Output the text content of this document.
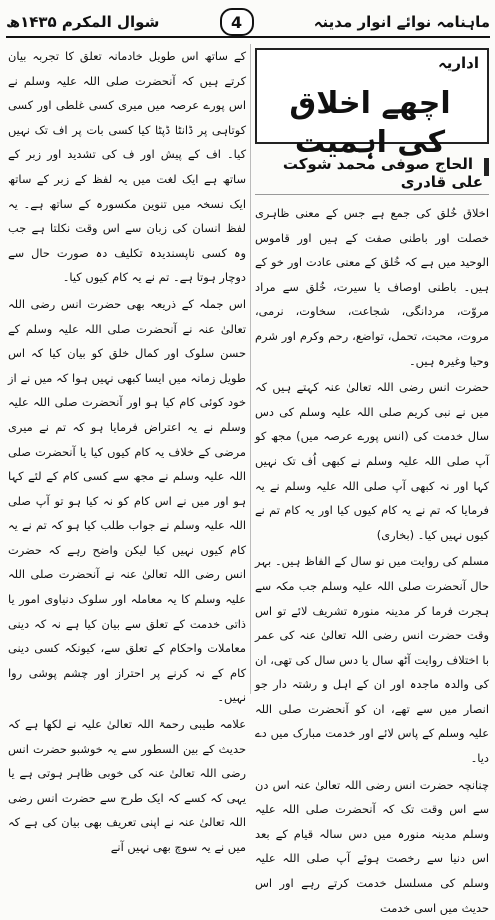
ماہنامہ نوائے انوار مدینہ
4
شوال المکرم ۱۴۳۵ھ
اداریہ
اچھے اخلاق کی اہمیت
الحاج صوفی محمد شوکت علی قادری

اخلاق خُلق کی جمع ہے جس کے معنی ظاہری خصلت اور باطنی صفت کے ہیں اور قاموس الوحید میں ہے کہ خُلق کے معنی عادت اور خو کے ہیں۔ باطنی اوصاف یا سیرت، خُلق سے مراد مروّت، مردانگی، شجاعت، سخاوت، نرمی، مروت، محبت، تحمل، تواضع، رحم وکرم اور شرم وحیا وغیرہ ہیں۔

حضرت انس رضی اللہ تعالیٰ عنہ کہتے ہیں کہ میں نے نبی کریم صلی اللہ علیہ وسلم کی دس سال خدمت کی (انس پورے عرصہ میں) مجھ کو آپ صلی اللہ علیہ وسلم نے کبھی اُف تک نہیں کہا اور نہ کبھی آپ صلی اللہ علیہ وسلم نے یہ فرمایا کہ تم نے یہ کام کیوں کیا اور یہ کام تم نے کیوں نہیں کیا۔ (بخاری)

مسلم کی روایت میں نو سال کے الفاظ ہیں۔ بہر حال آنحضرت صلی اللہ علیہ وسلم جب مکہ سے ہجرت فرما کر مدینہ منورہ تشریف لائے تو اس وقت حضرت انس رضی اللہ تعالیٰ عنہ کی عمر با اختلاف روایت آٹھ سال یا دس سال کی تھی، ان کی والدہ ماجدہ اور ان کے اہل و رشتہ دار جو انصار میں سے تھے، ان کو آنحضرت صلی اللہ علیہ وسلم کے پاس لائے اور خدمت مبارک میں دے دیا۔

چنانچہ حضرت انس رضی اللہ تعالیٰ عنہ اس دن سے اس وقت تک کہ آنحضرت صلی اللہ علیہ وسلم مدینہ منورہ میں دس سالہ قیام کے بعد اس دنیا سے رخصت ہوئے آپ صلی اللہ علیہ وسلم کی مسلسل خدمت کرتے رہے اور اس حدیث میں اسی خدمت

کے ساتھ اس طویل خادمانہ تعلق کا تجربہ بیان کرتے ہیں کہ آنحضرت صلی اللہ علیہ وسلم نے اس پورے عرصہ میں میری کسی غلطی اور کسی کوتاہی پر ڈانٹا ڈپٹا کیا کسی بات پر اف تک نہیں کیا۔ اف کے پیش اور ف کی تشدید اور زبر کے ساتھ ہے ایک لغت میں یہ لفظ کے زبر کے ساتھ ایک نسخہ میں تنوین مکسورہ کے ساتھ ہے۔ یہ لفظ انسان کی زبان سے اس وقت نکلتا ہے جب وہ کسی ناپسندیدہ تکلیف دہ صورت حال سے دوچار ہوتا ہے۔ تم نے یہ کام کیوں کیا۔

اس جملہ کے ذریعہ بھی حضرت انس رضی اللہ تعالیٰ عنہ نے آنحضرت صلی اللہ علیہ وسلم کے حسن سلوک اور کمال خلق کو بیان کیا کہ اس طویل زمانہ میں ایسا کبھی نہیں ہوا کہ میں نے از خود کوئی کام کیا ہو اور آنحضرت صلی اللہ علیہ وسلم نے یہ اعتراض فرمایا ہو کہ تم نے میری مرضی کے خلاف یہ کام کیوں کیا یا آنحضرت صلی اللہ علیہ وسلم نے مجھ سے کسی کام کے لئے کہا ہو اور میں نے اس کام کو نہ کیا ہو تو آپ صلی اللہ علیہ وسلم نے جواب طلب کیا ہو کہ تم نے یہ کام کیوں نہیں کیا لیکن واضح رہے کہ حضرت انس رضی اللہ تعالیٰ عنہ نے آنحضرت صلی اللہ علیہ وسلم کا یہ معاملہ اور سلوک دنیاوی امور یا ذاتی خدمت کے تعلق سے بیان کیا ہے نہ کہ دینی معاملات واحکام کے تعلق سے، کیونکہ کسی دینی کام کے نہ کرنے پر احتراز اور چشم پوشی روا نہیں۔

علامہ طیبی رحمۃ اللہ تعالیٰ علیہ نے لکھا ہے کہ حدیث کے بین السطور سے یہ خوشبو حضرت انس رضی اللہ تعالیٰ عنہ کی خوبی ظاہر ہوتی ہے یا یہی کہ کسے کہ ایک طرح سے حضرت انس رضی اللہ تعالیٰ عنہ نے اپنی تعریف بھی بیان کی ہے کہ میں نے یہ سوچ بھی نہیں آنے
